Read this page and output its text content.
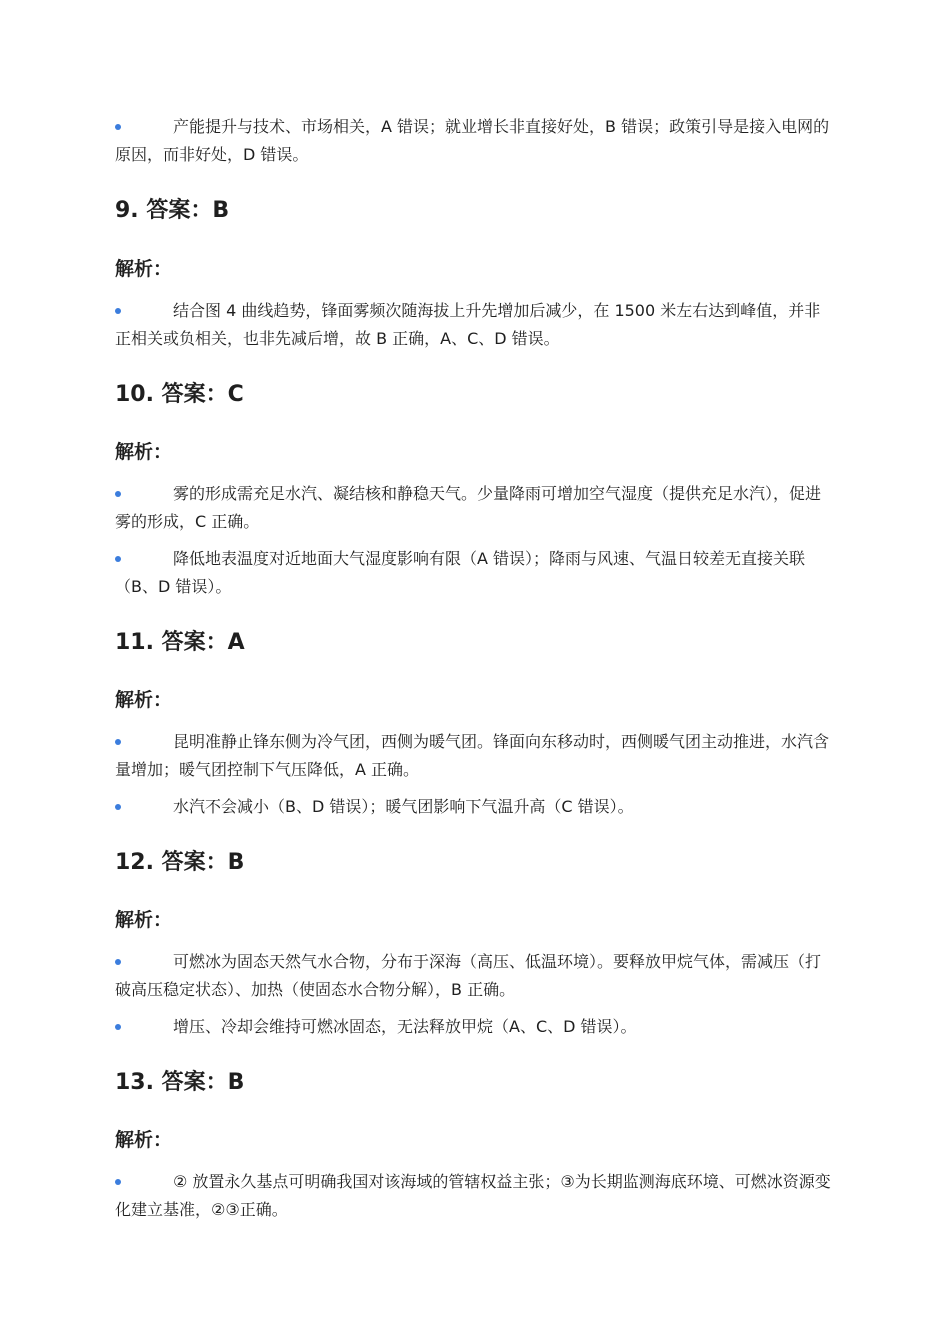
产能提升与技术、市场相关，A 错误；就业增长非直接好处，B 错误；政策引导是接入电网的原因，而非好处，D 错误。
9. 答案：B
解析：
结合图 4 曲线趋势，锋面雾频次随海拔上升先增加后减少，在 1500 米左右达到峰值，并非正相关或负相关，也非先减后增，故 B 正确，A、C、D 错误。
10. 答案：C
解析：
雾的形成需充足水汽、凝结核和静稳天气。少量降雨可增加空气湿度（提供充足水汽），促进雾的形成，C 正确。
降低地表温度对近地面大气湿度影响有限（A 错误）；降雨与风速、气温日较差无直接关联（B、D 错误）。
11. 答案：A
解析：
昆明准静止锋东侧为冷气团，西侧为暖气团。锋面向东移动时，西侧暖气团主动推进，水汽含量增加；暖气团控制下气压降低，A 正确。
水汽不会减小（B、D 错误）；暖气团影响下气温升高（C 错误）。
12. 答案：B
解析：
可燃冰为固态天然气水合物，分布于深海（高压、低温环境）。要释放甲烷气体，需减压（打破高压稳定状态）、加热（使固态水合物分解），B 正确。
增压、冷却会维持可燃冰固态，无法释放甲烷（A、C、D 错误）。
13. 答案：B
解析：
② 放置永久基点可明确我国对该海域的管辖权益主张；③为长期监测海底环境、可燃冰资源变化建立基准，②③正确。
